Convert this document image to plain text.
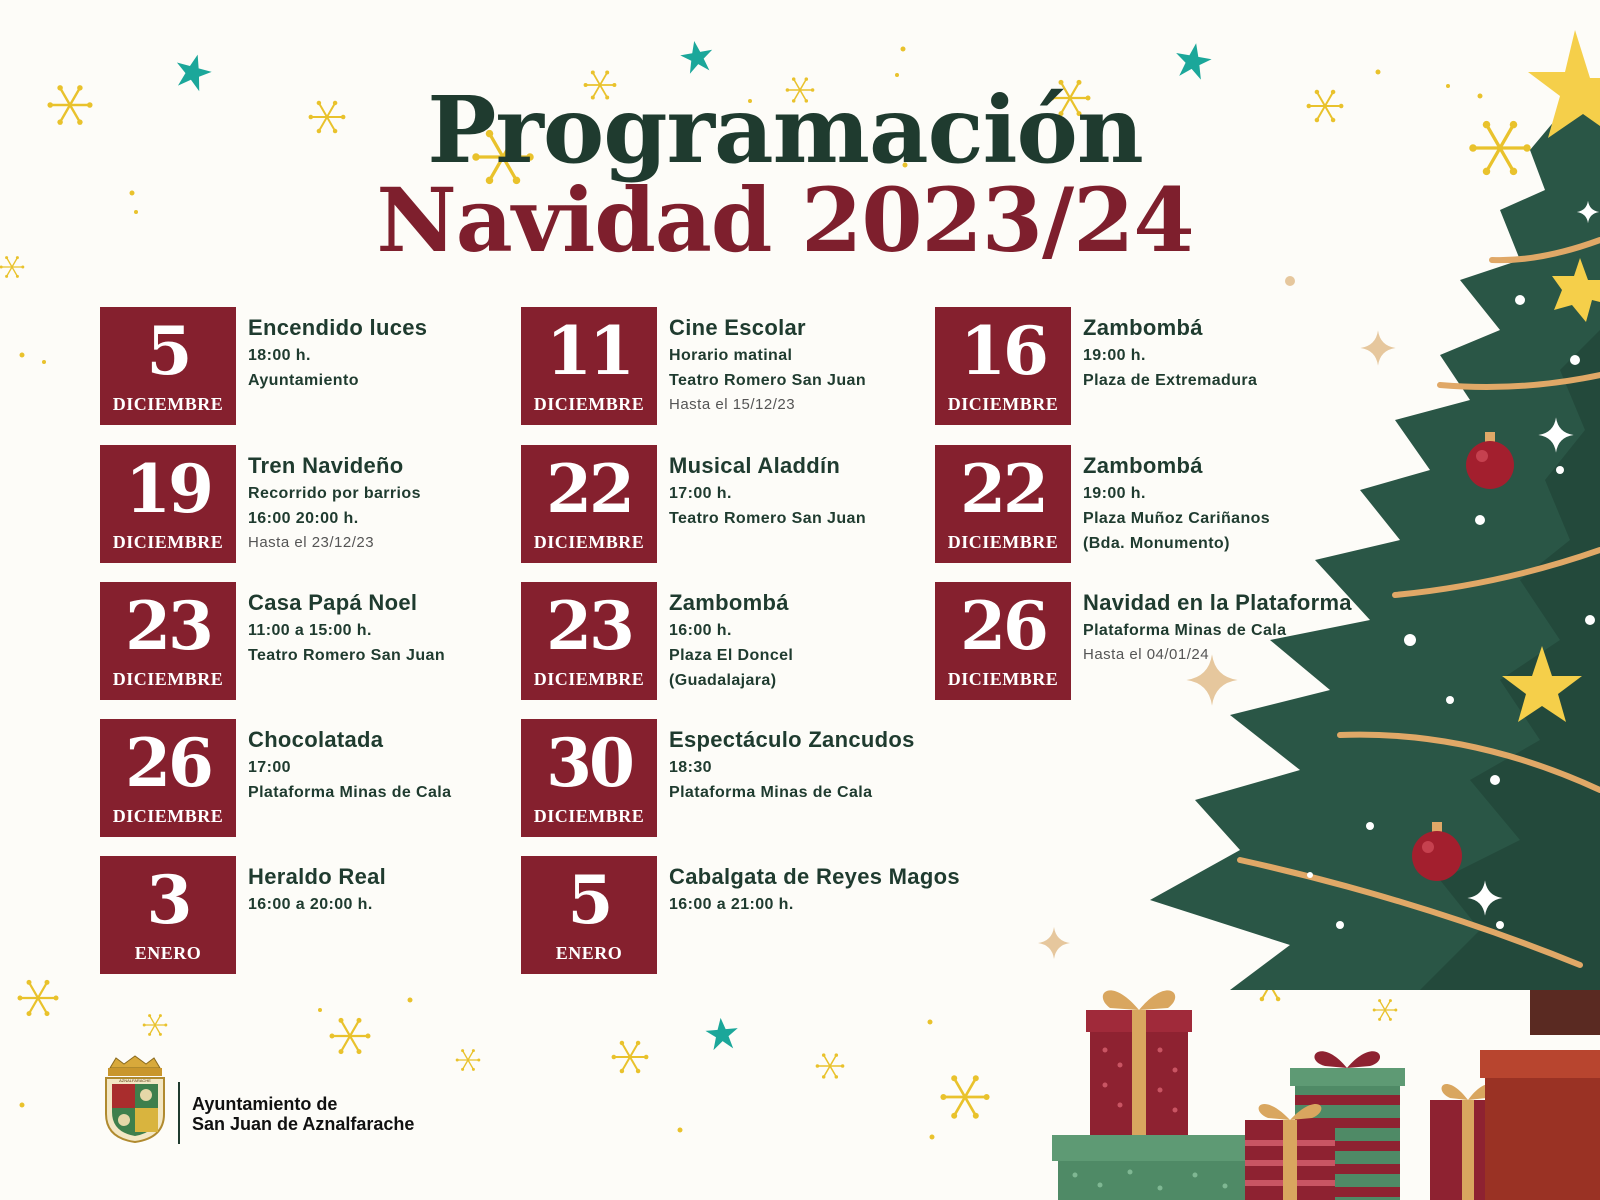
Programación
Navidad 2023/24
5
DICIEMBRE
Encendido luces
18:00 h.
Ayuntamiento	11
DICIEMBRE
Cine Escolar
Horario matinal
Teatro Romero San Juan
Hasta el 15/12/23
16
DICIEMBRE
Zambombá
19:00 h.
Plaza de Extremadura
19
DICIEMBRE
Tren Navideño
Recorrido por barrios
16:00 20:00 h.
Hasta el 23/12/23
22
DICIEMBRE
Musical Aladdín
17:00 h.
Teatro Romero San Juan	22
DICIEMBRE
Zambombá
19:00 h.
Plaza Muñoz Cariñanos
(Bda. Monumento)
23
DICIEMBRE
Casa Papá Noel
11:00 a 15:00 h.
Teatro Romero San Juan	23
DICIEMBRE
Zambombá
16:00 h.
Plaza El Doncel
(Guadalajara)
26
DICIEMBRE
Navidad en la Plataforma
Plataforma Minas de Cala
Hasta el 04/01/24
26
DICIEMBRE
Chocolatada
17:00
Plataforma Minas de Cala	30
DICIEMBRE
Espectáculo Zancudos
18:30
Plataforma Minas de Cala
3
ENERO
Heraldo Real
16:00 a 20:00 h.	5
ENERO
Cabalgata de Reyes Magos
16:00 a 21:00 h.
AZNALFARACHE
Ayuntamiento de
San Juan de Aznalfarache
